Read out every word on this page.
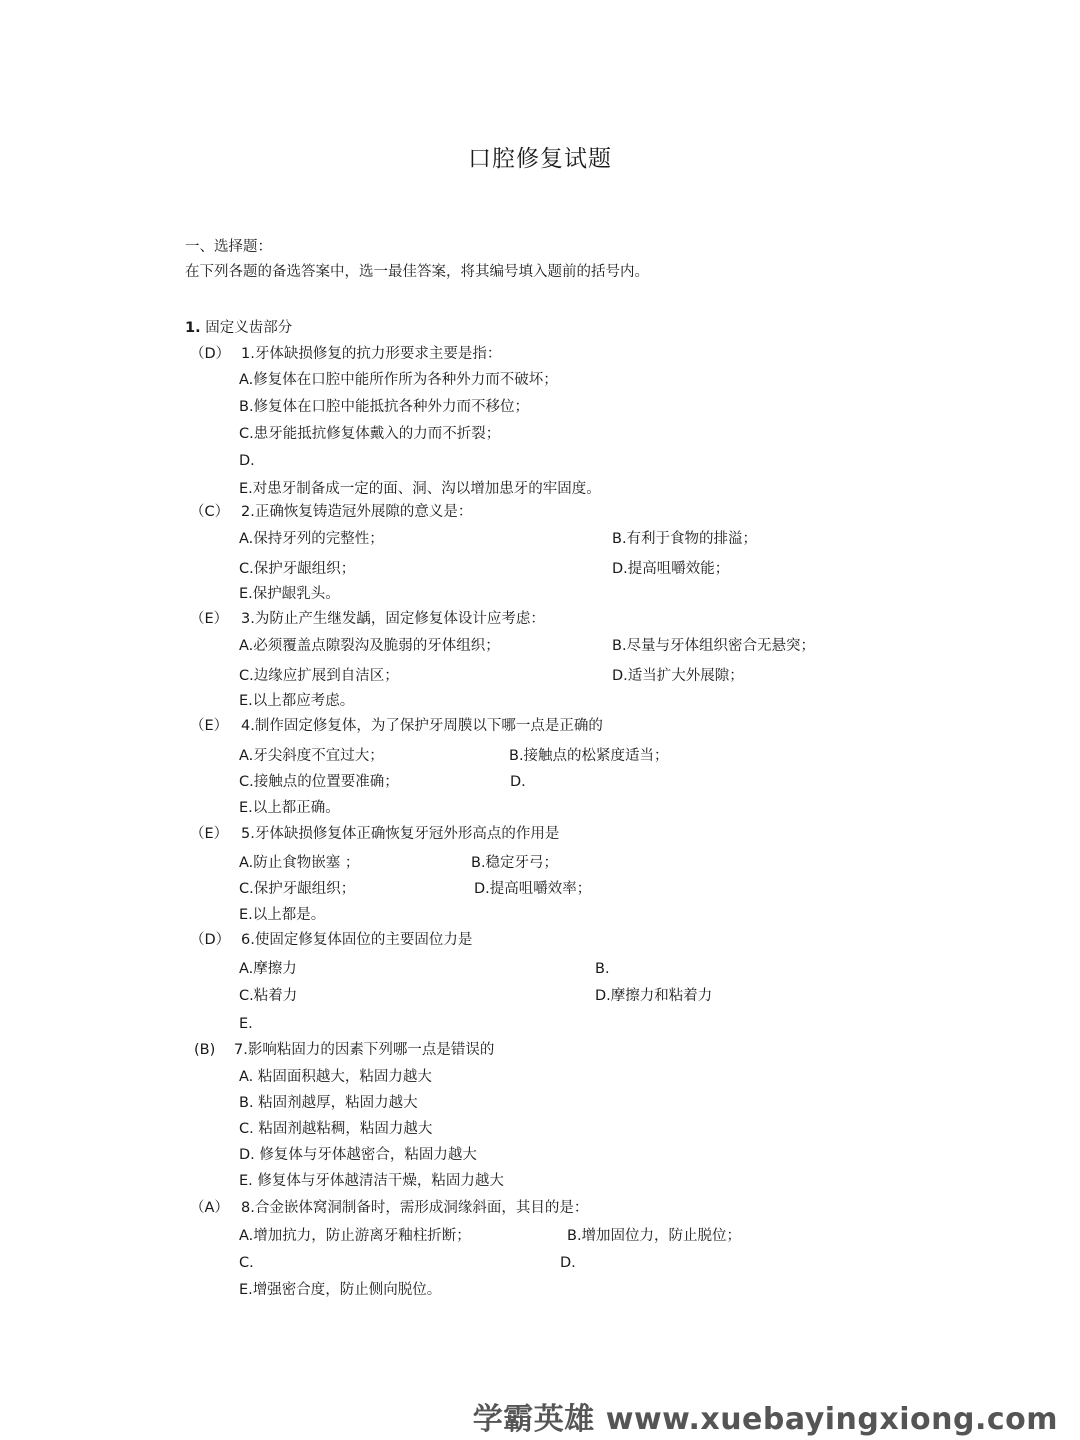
口腔修复试题
一、选择题：
在下列各题的备选答案中，选一最佳答案，将其编号填入题前的括号内。
1. 固定义齿部分
（D） 1.牙体缺损修复的抗力形要求主要是指：
A.修复体在口腔中能所作所为各种外力而不破坏；
B.修复体在口腔中能抵抗各种外力而不移位；
C.患牙能抵抗修复体戴入的力而不折裂；
D.
E.对患牙制备成一定的面、洞、沟以增加患牙的牢固度。
（C） 2.正确恢复铸造冠外展隙的意义是：
A.保持牙列的完整性；	B.有利于食物的排溢；
C.保护牙龈组织；	D.提高咀嚼效能；
E.保护龈乳头。
（E） 3.为防止产生继发龋，固定修复体设计应考虑：
A.必须覆盖点隙裂沟及脆弱的牙体组织；	B.尽量与牙体组织密合无悬突；
C.边缘应扩展到自洁区；	D.适当扩大外展隙；
E.以上都应考虑。
（E） 4.制作固定修复体，为了保护牙周膜以下哪一点是正确的
A.牙尖斜度不宜过大；	B.接触点的松紧度适当；
C.接触点的位置要准确；	D.
E.以上都正确。
（E） 5.牙体缺损修复体正确恢复牙冠外形高点的作用是
A.防止食物嵌塞 ；	B.稳定牙弓；
C.保护牙龈组织；	D.提高咀嚼效率；
E.以上都是。
（D） 6.使固定修复体固位的主要固位力是
A.摩擦力	B.
C.粘着力	D.摩擦力和粘着力
E.
(B) 7.影响粘固力的因素下列哪一点是错误的
A. 粘固面积越大，粘固力越大
B. 粘固剂越厚，粘固力越大
C. 粘固剂越粘稠，粘固力越大
D. 修复体与牙体越密合，粘固力越大
E. 修复体与牙体越清洁干燥，粘固力越大
（A） 8.合金嵌体窝洞制备时，需形成洞缘斜面，其目的是：
A.增加抗力，防止游离牙釉柱折断；	B.增加固位力，防止脱位；
C.	D.
E.增强密合度，防止侧向脱位。
学霸英雄 www.xuebayingxiong.com
